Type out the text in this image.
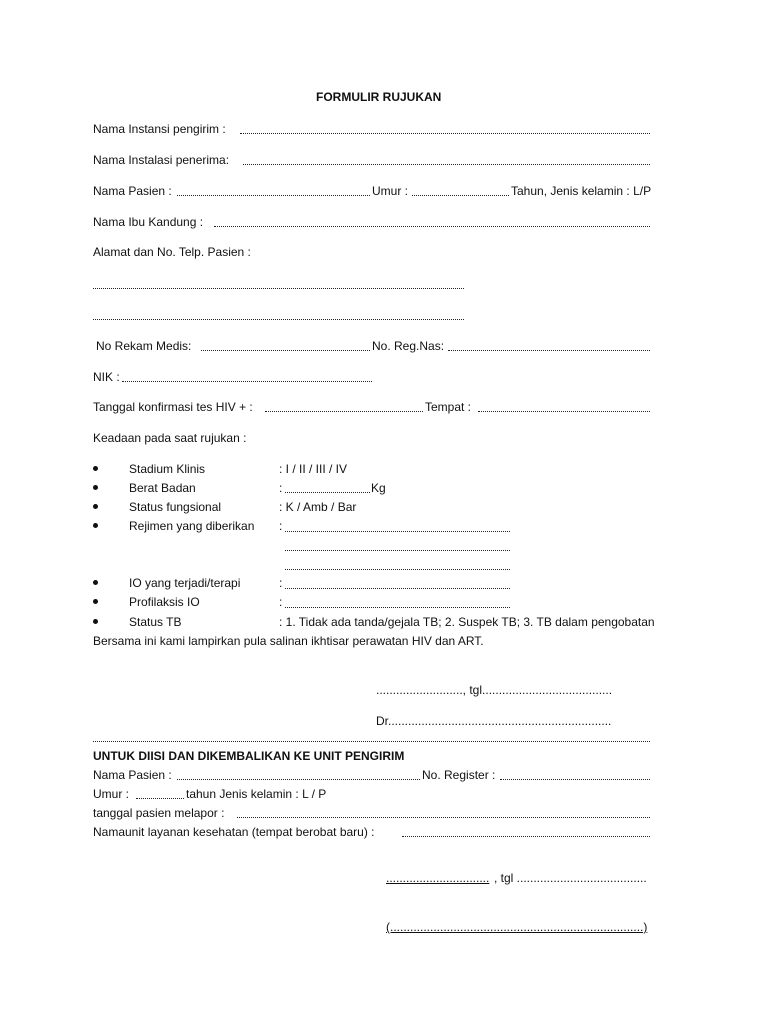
FORMULIR RUJUKAN
Nama Instansi pengirim :
Nama Instalasi penerima:
Nama Pasien :	Umur :	Tahun, Jenis kelamin : L/P
Nama Ibu Kandung :
Alamat dan No. Telp. Pasien :
No Rekam Medis:	No. Reg.Nas:
NIK :
Tanggal konfirmasi tes HIV + :	Tempat :
Keadaan pada saat rujukan :
Stadium Klinis	: I / II / III / IV
Berat Badan	:	Kg
Status fungsional	: K / Amb / Bar
Rejimen yang diberikan :
IO yang terjadi/terapi	:
Profilaksis IO	:
Status TB	: 1. Tidak ada tanda/gejala TB; 2. Suspek TB; 3. TB dalam pengobatan
Bersama ini kami lampirkan pula salinan ikhtisar perawatan HIV dan ART.
.........................., tgl.......................................
Dr...................................................................
UNTUK DIISI DAN DIKEMBALIKAN KE UNIT PENGIRIM
Nama Pasien :	No. Register :
Umur :	tahun Jenis kelamin : L / P
tanggal pasien melapor :
Namaunit layanan kesehatan (tempat berobat baru) :
............................... , tgl .......................................
(............................................................................)
